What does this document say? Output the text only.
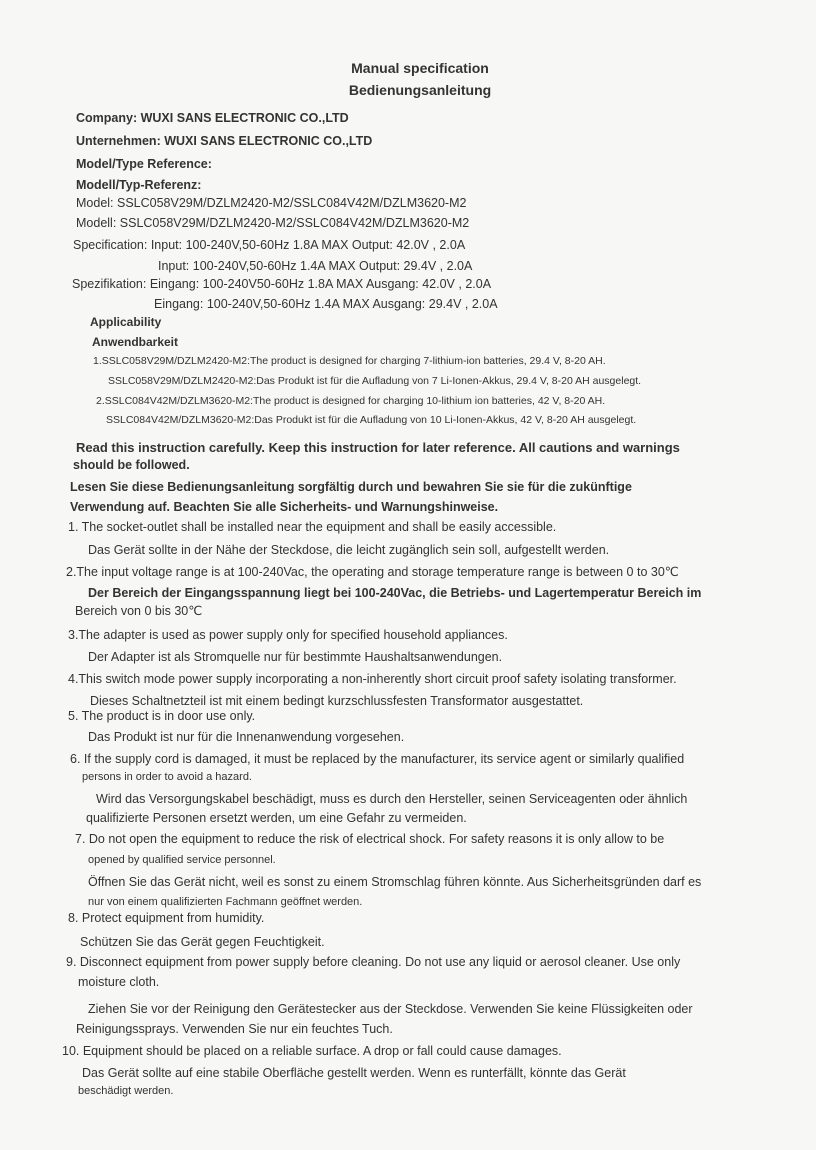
Manual specification
Bedienungsanleitung
Company: WUXI SANS ELECTRONIC CO.,LTD
Unternehmen: WUXI SANS ELECTRONIC CO.,LTD
Model/Type Reference:
Modell/Typ-Referenz:
Model: SSLC058V29M/DZLM2420-M2/SSLC084V42M/DZLM3620-M2
Modell: SSLC058V29M/DZLM2420-M2/SSLC084V42M/DZLM3620-M2
Specification: Input: 100-240V,50-60Hz 1.8A MAX Output: 42.0V , 2.0A
Input: 100-240V,50-60Hz 1.4A MAX Output: 29.4V , 2.0A
Spezifikation: Eingang: 100-240V50-60Hz 1.8A MAX Ausgang: 42.0V , 2.0A
Eingang: 100-240V,50-60Hz 1.4A MAX Ausgang: 29.4V , 2.0A
Applicability
Anwendbarkeit
1.SSLC058V29M/DZLM2420-M2:The product is designed for charging 7-lithium-ion batteries, 29.4 V, 8-20 AH.
SSLC058V29M/DZLM2420-M2:Das Produkt ist für die Aufladung von 7 Li-Ionen-Akkus, 29.4 V, 8-20 AH ausgelegt.
2.SSLC084V42M/DZLM3620-M2:The product is designed for charging 10-lithium ion batteries, 42 V, 8-20 AH.
SSLC084V42M/DZLM3620-M2:Das Produkt ist für die Aufladung von 10 Li-Ionen-Akkus, 42 V, 8-20 AH ausgelegt.
Read this instruction carefully. Keep this instruction for later reference. All cautions and warnings
should be followed.
Lesen Sie diese Bedienungsanleitung sorgfältig durch und bewahren Sie sie für die zukünftige
Verwendung auf. Beachten Sie alle Sicherheits- und Warnungshinweise.
1. The socket-outlet shall be installed near the equipment and shall be easily accessible.
Das Gerät sollte in der Nähe der Steckdose, die leicht zugänglich sein soll, aufgestellt werden.
2.The input voltage range is at 100-240Vac, the operating and storage temperature range is between 0 to 30℃
Der Bereich der Eingangsspannung liegt bei 100-240Vac, die Betriebs- und Lagertemperatur Bereich im
Bereich von 0 bis 30℃
3.The adapter is used as power supply only for specified household appliances.
Der Adapter ist als Stromquelle nur für bestimmte Haushaltsanwendungen.
4.This switch mode power supply incorporating a non-inherently short circuit proof safety isolating transformer.
Dieses Schaltnetzteil ist mit einem bedingt kurzschlussfesten Transformator ausgestattet.
5. The product is in door use only.
Das Produkt ist nur für die Innenanwendung vorgesehen.
6. If the supply cord is damaged, it must be replaced by the manufacturer, its service agent or similarly qualified
persons in order to avoid a hazard.
Wird das Versorgungskabel beschädigt, muss es durch den Hersteller, seinen Serviceagenten oder ähnlich
qualifizierte Personen ersetzt werden, um eine Gefahr zu vermeiden.
7. Do not open the equipment to reduce the risk of electrical shock. For safety reasons it is only allow to be
opened by qualified service personnel.
Öffnen Sie das Gerät nicht, weil es sonst zu einem Stromschlag führen könnte. Aus Sicherheitsgründen darf es
nur von einem qualifizierten Fachmann geöffnet werden.
8. Protect equipment from humidity.
Schützen Sie das Gerät gegen Feuchtigkeit.
9. Disconnect equipment from power supply before cleaning. Do not use any liquid or aerosol cleaner. Use only
moisture cloth.
Ziehen Sie vor der Reinigung den Gerätestecker aus der Steckdose. Verwenden Sie keine Flüssigkeiten oder
Reinigungssprays. Verwenden Sie nur ein feuchtes Tuch.
10. Equipment should be placed on a reliable surface. A drop or fall could cause damages.
Das Gerät sollte auf eine stabile Oberfläche gestellt werden. Wenn es runterfällt, könnte das Gerät
beschädigt werden.
